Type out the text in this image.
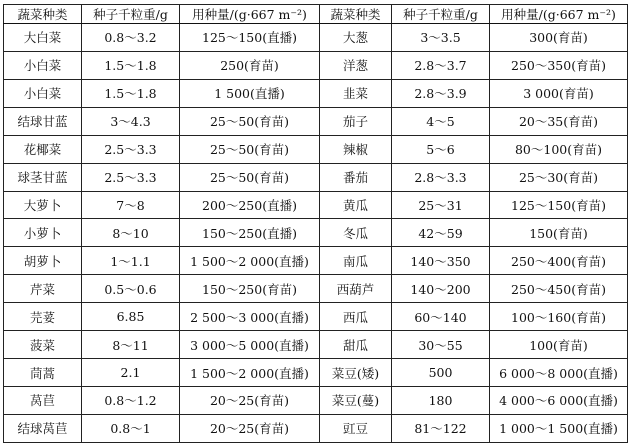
蔬菜种类	种子千粒重/g	用种量/(g·667 m⁻²)	蔬菜种类	种子千粒重/g	用种量/(g·667 m⁻²)
大白菜	0.8～3.2	125～150(直播)	大葱	3～3.5	300(育苗)
小白菜	1.5～1.8	250(育苗)	洋葱	2.8～3.7	250～350(育苗)
小白菜	1.5～1.8	1 500(直播)	韭菜	2.8～3.9	3 000(育苗)
结球甘蓝	3～4.3	25～50(育苗)	茄子	4～5	20～35(育苗)
花椰菜	2.5～3.3	25～50(育苗)	辣椒	5～6	80～100(育苗)
球茎甘蓝	2.5～3.3	25～50(育苗)	番茄	2.8～3.3	25～30(育苗)
大萝卜	7～8	200～250(直播)	黄瓜	25～31	125～150(育苗)
小萝卜	8～10	150～250(直播)	冬瓜	42～59	150(育苗)
胡萝卜	1～1.1	1 500～2 000(直播)	南瓜	140～350	250～400(育苗)
芹菜	0.5～0.6	150～250(育苗)	西葫芦	140～200	250～450(育苗)
芫荽	6.85	2 500～3 000(直播)	西瓜	60～140	100～160(育苗)
菠菜	8～11	3 000～5 000(直播)	甜瓜	30～55	100(育苗)
茼蒿	2.1	1 500～2 000(直播)	菜豆(矮)	500	6 000～8 000(直播)
莴苣	0.8～1.2	20～25(育苗)	菜豆(蔓)	180	4 000～6 000(直播)
结球莴苣	0.8～1	20～25(育苗)	豇豆	81～122	1 000～1 500(直播)
